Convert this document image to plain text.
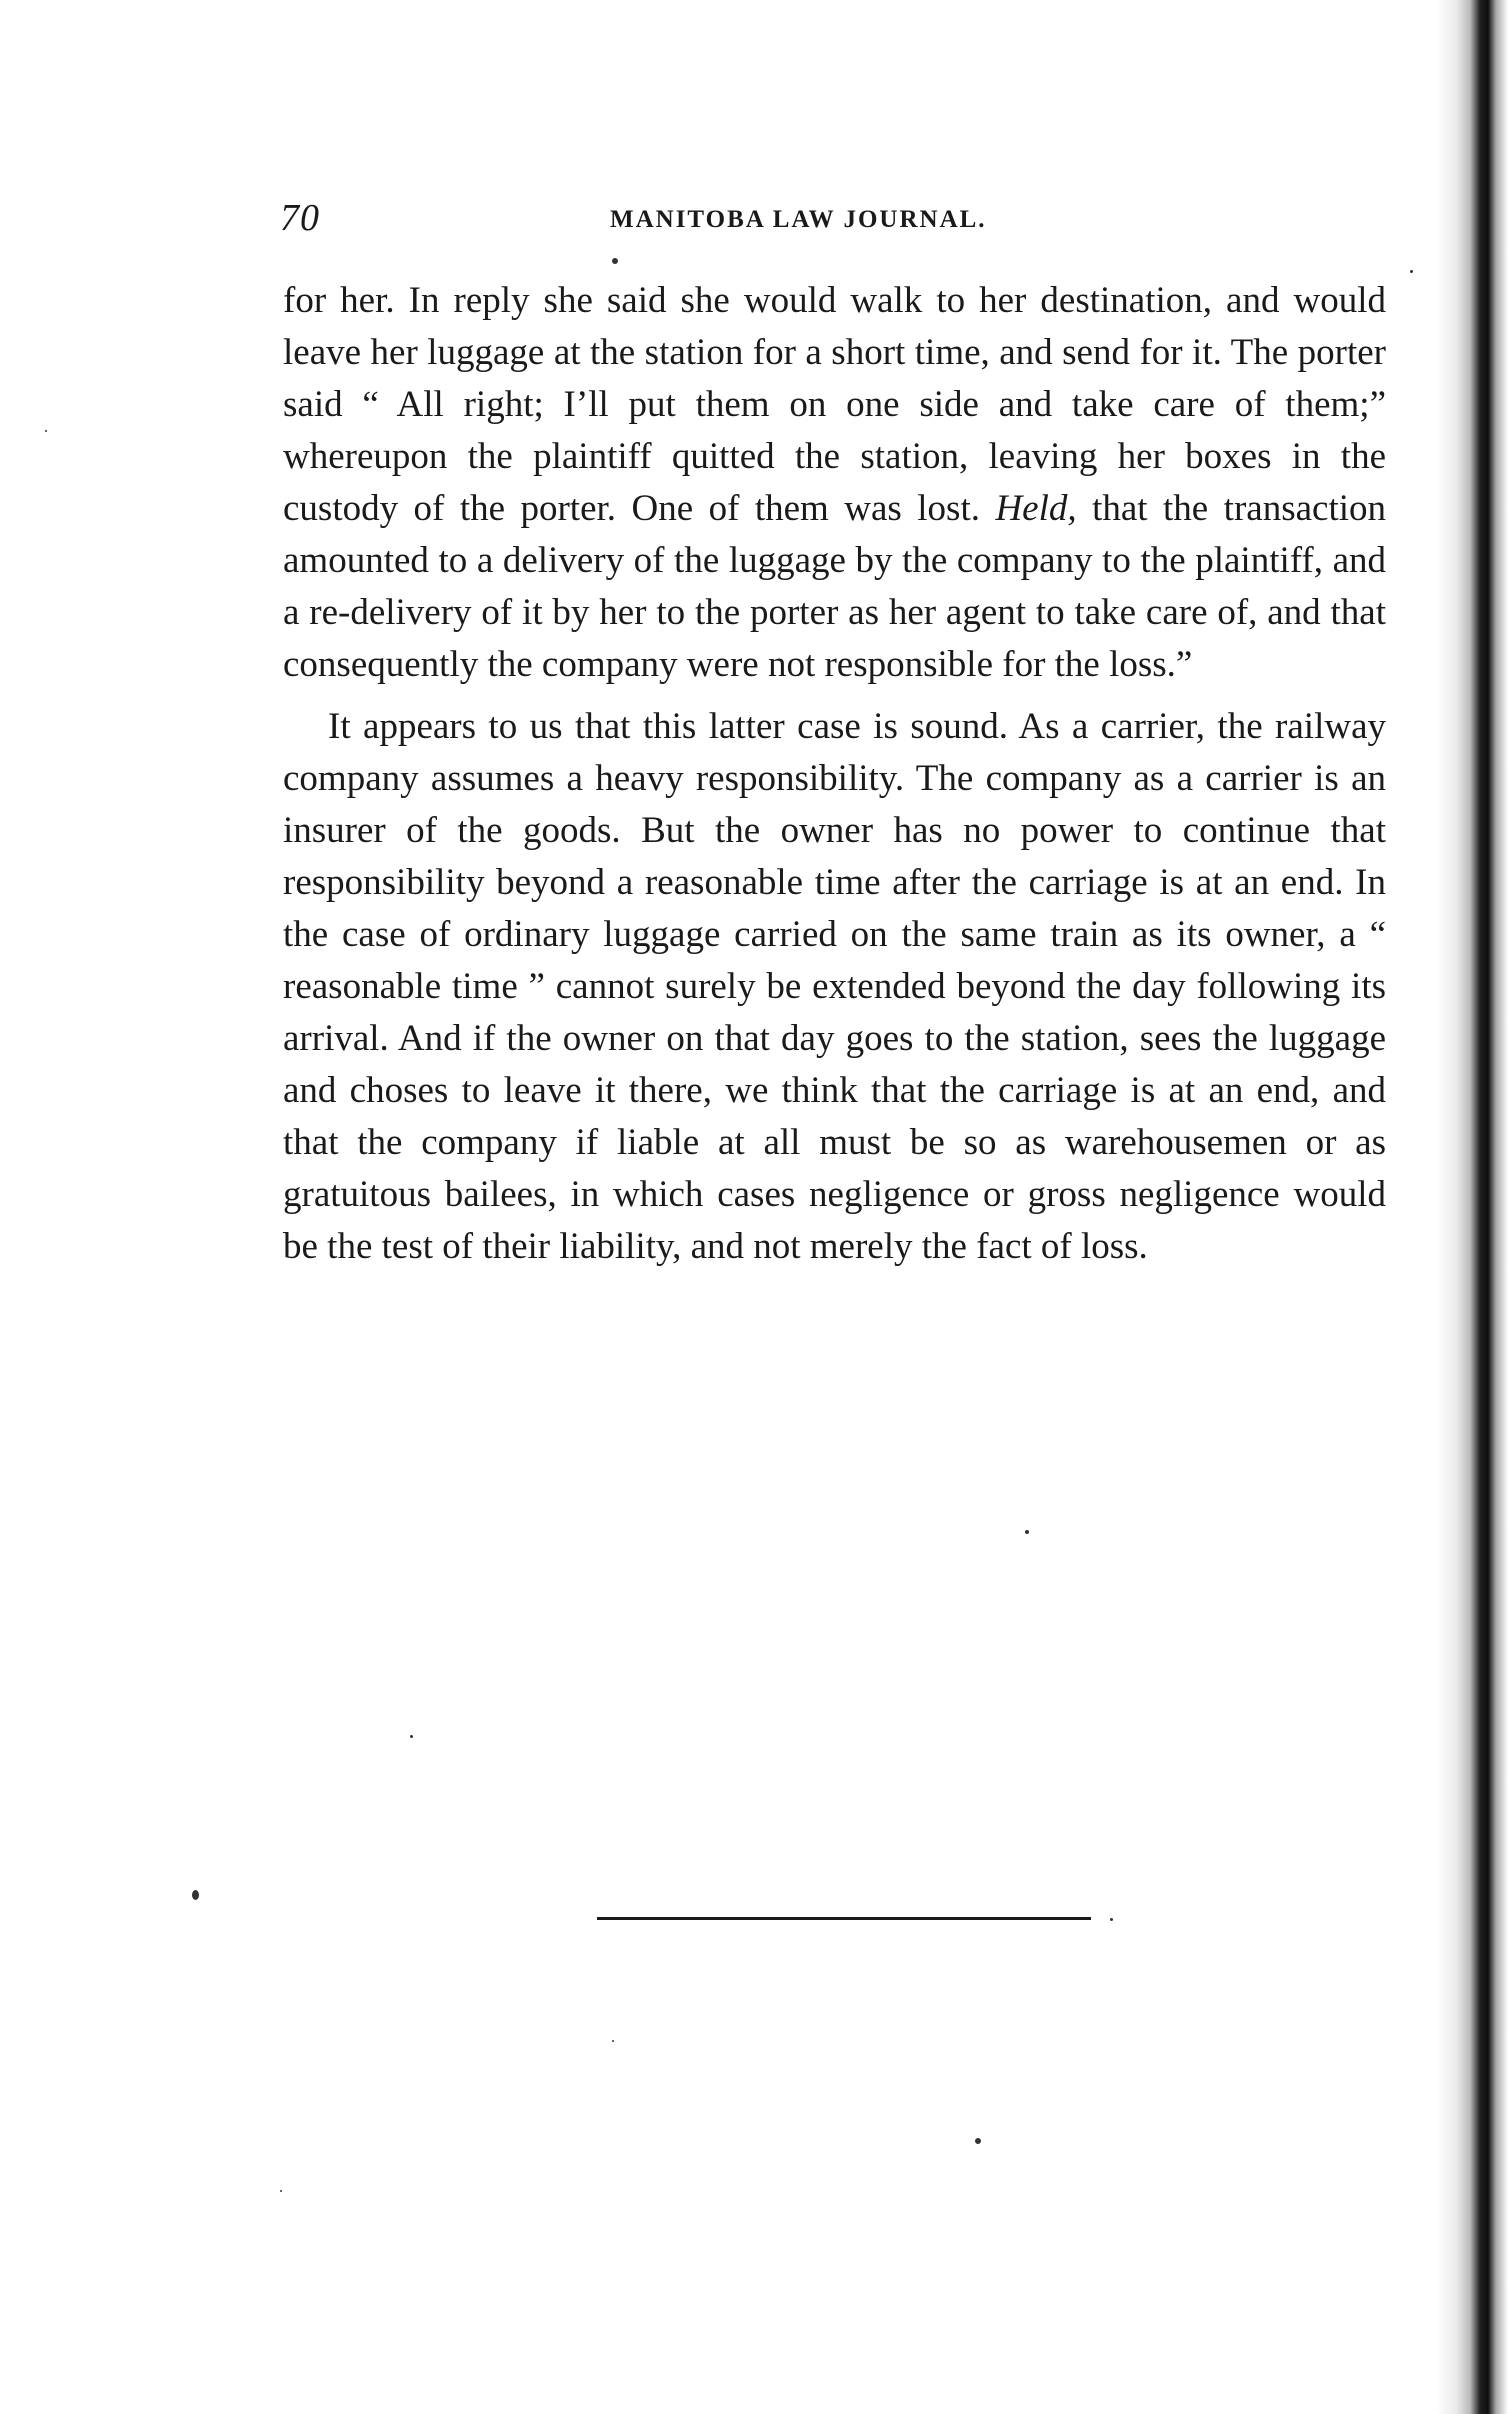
70	MANITOBA LAW JOURNAL.

for her. In reply she said she would walk to her destination, and would leave her luggage at the station for a short time, and send for it. The porter said “ All right; I’ll put them on one side and take care of them;” whereupon the plaintiff quitted the station, leaving her boxes in the custody of the porter. One of them was lost. Held, that the transaction amounted to a delivery of the luggage by the company to the plaintiff, and a re-delivery of it by her to the porter as her agent to take care of, and that consequently the company were not responsible for the loss.”

It appears to us that this latter case is sound. As a carrier, the railway company assumes a heavy responsibility. The company as a carrier is an insurer of the goods. But the owner has no power to continue that responsibility beyond a reasonable time after the carriage is at an end. In the case of ordinary luggage carried on the same train as its owner, a “ reasonable time ” cannot surely be extended beyond the day following its arrival. And if the owner on that day goes to the station, sees the luggage and choses to leave it there, we think that the carriage is at an end, and that the company if liable at all must be so as warehousemen or as gratuitous bailees, in which cases negligence or gross negligence would be the test of their liability, and not merely the fact of loss.
